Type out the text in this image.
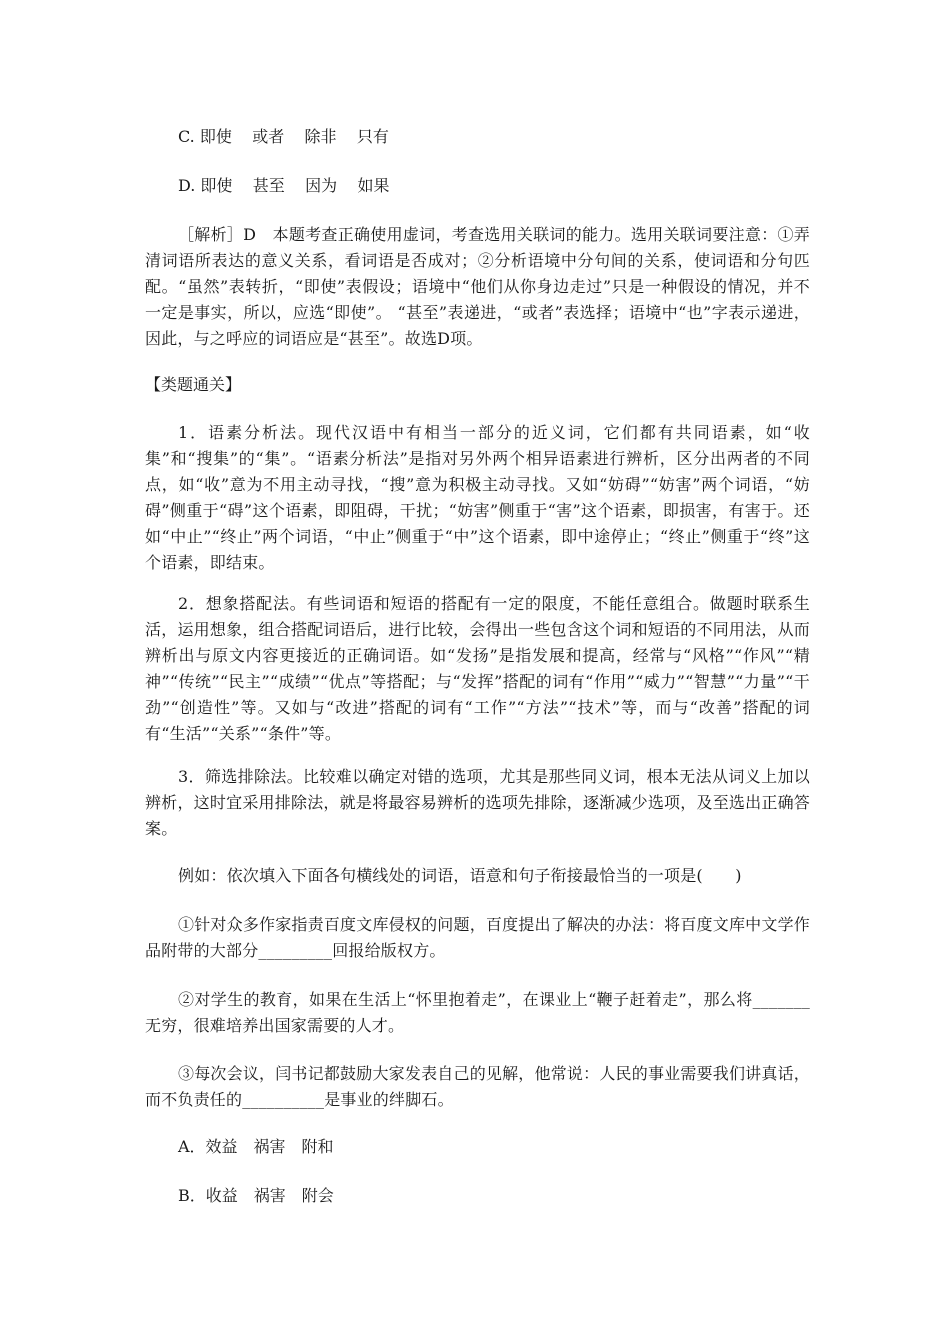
C. 即使    或者    除非    只有
D. 即使    甚至    因为    如果
［解析］D　本题考查正确使用虚词，考查选用关联词的能力。选用关联词要注意：①弄清词语所表达的意义关系，看词语是否成对；②分析语境中分句间的关系，使词语和分句匹配。“虽然”表转折，“即使”表假设；语境中“他们从你身边走过”只是一种假设的情况，并不一定是事实，所以，应选“即使”。 “甚至”表递进，“或者”表选择；语境中“也”字表示递进，因此，与之呼应的词语应是“甚至”。故选D项。
【类题通关】
1．语素分析法。现代汉语中有相当一部分的近义词，它们都有共同语素，如“收集”和“搜集”的“集”。“语素分析法”是指对另外两个相异语素进行辨析，区分出两者的不同点，如“收”意为不用主动寻找，“搜”意为积极主动寻找。又如“妨碍”“妨害”两个词语，“妨碍”侧重于“碍”这个语素，即阻碍，干扰；“妨害”侧重于“害”这个语素，即损害，有害于。还如“中止”“终止”两个词语，“中止”侧重于“中”这个语素，即中途停止；“终止”侧重于“终”这个语素，即结束。
2．想象搭配法。有些词语和短语的搭配有一定的限度，不能任意组合。做题时联系生活，运用想象，组合搭配词语后，进行比较，会得出一些包含这个词和短语的不同用法，从而辨析出与原文内容更接近的正确词语。如“发扬”是指发展和提高，经常与“风格”“作风”“精神”“传统”“民主”“成绩”“优点”等搭配；与“发挥”搭配的词有“作用”“威力”“智慧”“力量”“干劲”“创造性”等。又如与“改进”搭配的词有“工作”“方法”“技术”等，而与“改善”搭配的词有“生活”“关系”“条件”等。
3．筛选排除法。比较难以确定对错的选项，尤其是那些同义词，根本无法从词义上加以辨析，这时宜采用排除法，就是将最容易辨析的选项先排除，逐渐减少选项，及至选出正确答案。
例如：依次填入下面各句横线处的词语，语意和句子衔接最恰当的一项是(　　)
①针对众多作家指责百度文库侵权的问题，百度提出了解决的办法：将百度文库中文学作品附带的大部分_________回报给版权方。
②对学生的教育，如果在生活上“怀里抱着走”，在课业上“鞭子赶着走”，那么将_______ 无穷，很难培养出国家需要的人才。
③每次会议，闫书记都鼓励大家发表自己的见解，他常说：人民的事业需要我们讲真话，而不负责任的__________是事业的绊脚石。
A．效益　祸害　附和
B．收益　祸害　附会
